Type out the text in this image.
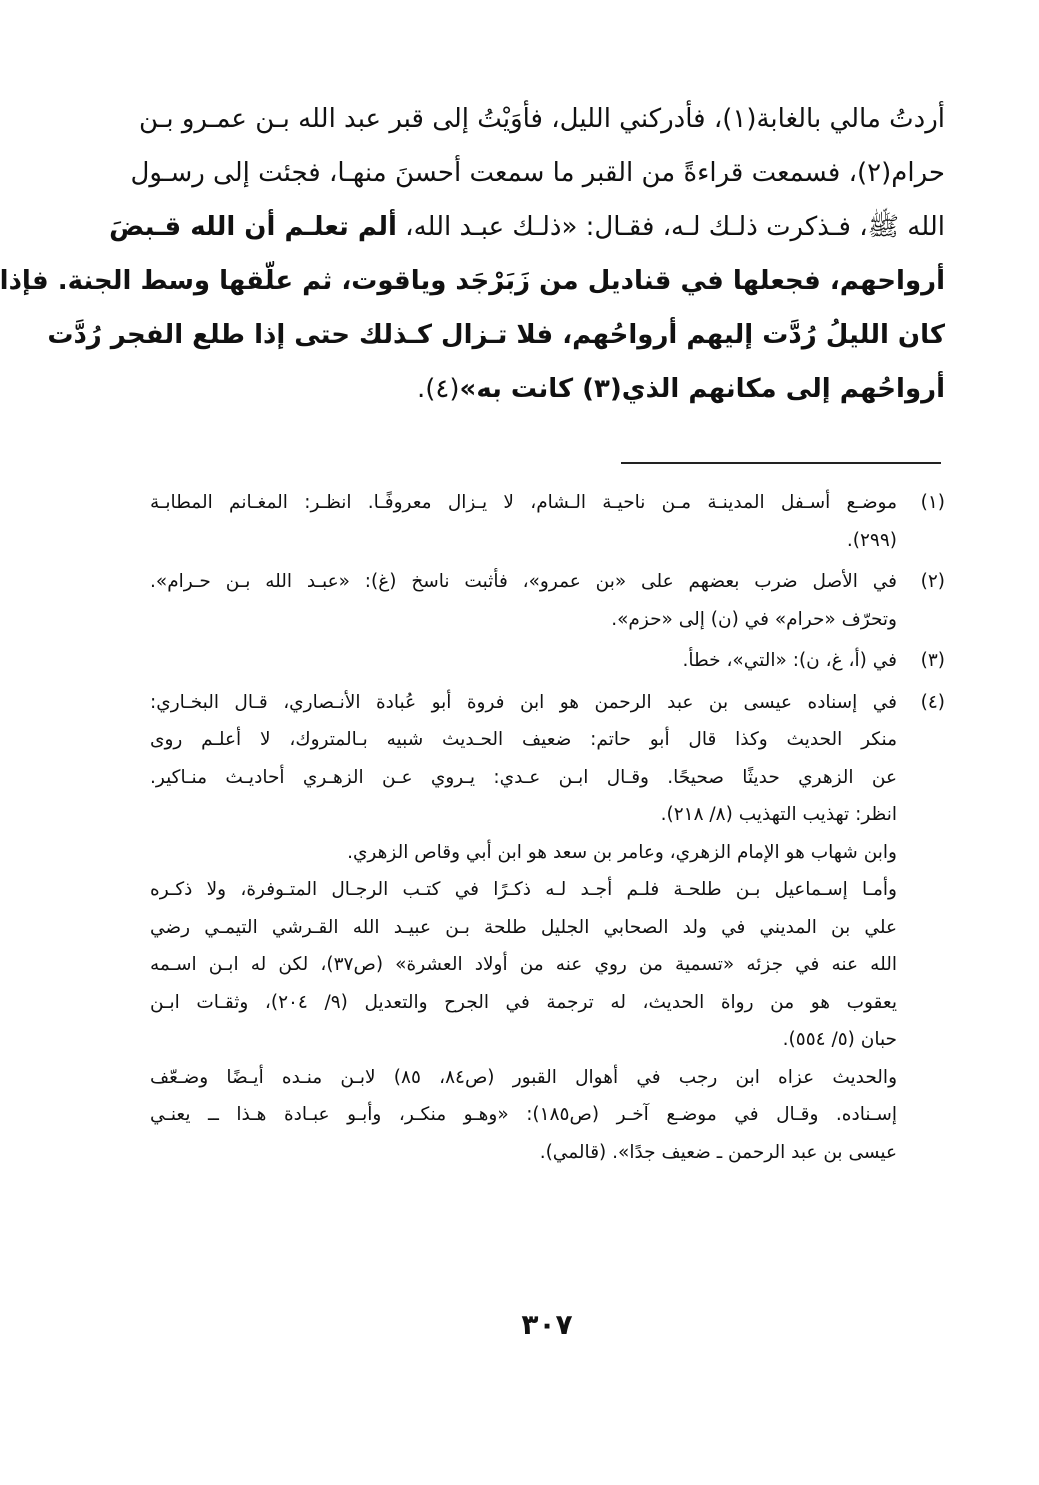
أردتُ مالي بالغابة(١)، فأدركني الليل، فأوَيْتُ إلى قبر عبد الله بـن عمـرو بـن
حرام(٢)، فسمعت قراءةً من القبر ما سمعت أحسنَ منهـا، فجئت إلى رسـول
الله ﷺ، فـذكرت ذلـك لـه، فقـال: «ذلـك عبـد الله، ألم تعلـم أن الله قـبضَ
أرواحهم، فجعلها في قناديل من زَبَرْجَد وياقوت، ثم علّقها وسط الجنة. فإذا
كان الليلُ رُدَّت إليهم أرواحُهم، فلا تـزال كـذلك حتى إذا طلع الفجر رُدَّت
أرواحُهم إلى مكانهم الذي(٣) كانت به»(٤).
(١)
موضـع أسـفل المدينـة مـن ناحيـة الـشام، لا يـزال معروفًـا. انظـر: المغـانم المطابـة
(٢٩٩).
(٢)
في الأصل ضرب بعضهم على «بن عمرو»، فأثبت ناسخ (غ): «عبـد الله بـن حـرام».
وتحرّف «حرام» في (ن) إلى «حزم».
(٣)
في (أ، غ، ن): «التي»، خطأ.
(٤)
في إسناده عيسى بن عبد الرحمن هو ابن فروة أبو عُبادة الأنـصاري، قـال البخـاري:
منكر الحديث وكذا قال أبو حاتم: ضعيف الحـديث شبيه بـالمتروك، لا أعلـم روى
عن الزهري حديثًا صحيحًا. وقـال ابـن عـدي: يـروي عـن الزهـري أحاديـث منـاكير.
انظر: تهذيب التهذيب (٨/ ٢١٨).
وابن شهاب هو الإمام الزهري، وعامر بن سعد هو ابن أبي وقاص الزهري.
وأمـا إسـماعيل بـن طلحـة فلـم أجـد لـه ذكـرًا في كتـب الرجـال المتـوفرة، ولا ذكـره
علي بن المديني في ولد الصحابي الجليل طلحة بـن عبيـد الله القـرشي التيمـي رضي
الله عنه في جزئه «تسمية من روي عنه من أولاد العشرة» (ص٣٧)، لكن له ابـن اسـمه
يعقوب هو من رواة الحديث، له ترجمة في الجرح والتعديل (٩/ ٢٠٤)، وثقـات ابـن
حبان (٥/ ٥٥٤).
والحديث عزاه ابن رجب في أهوال القبور (ص٨٤، ٨٥) لابـن منـده أيـضًا وضـعّف
إسـناده. وقـال في موضـع آخـر (ص١٨٥): «وهـو منكـر، وأبـو عبـادة هـذا ــ يعنـي
عيسى بن عبد الرحمن ـ ضعيف جدًا». (قالمي).
٣٠٧
